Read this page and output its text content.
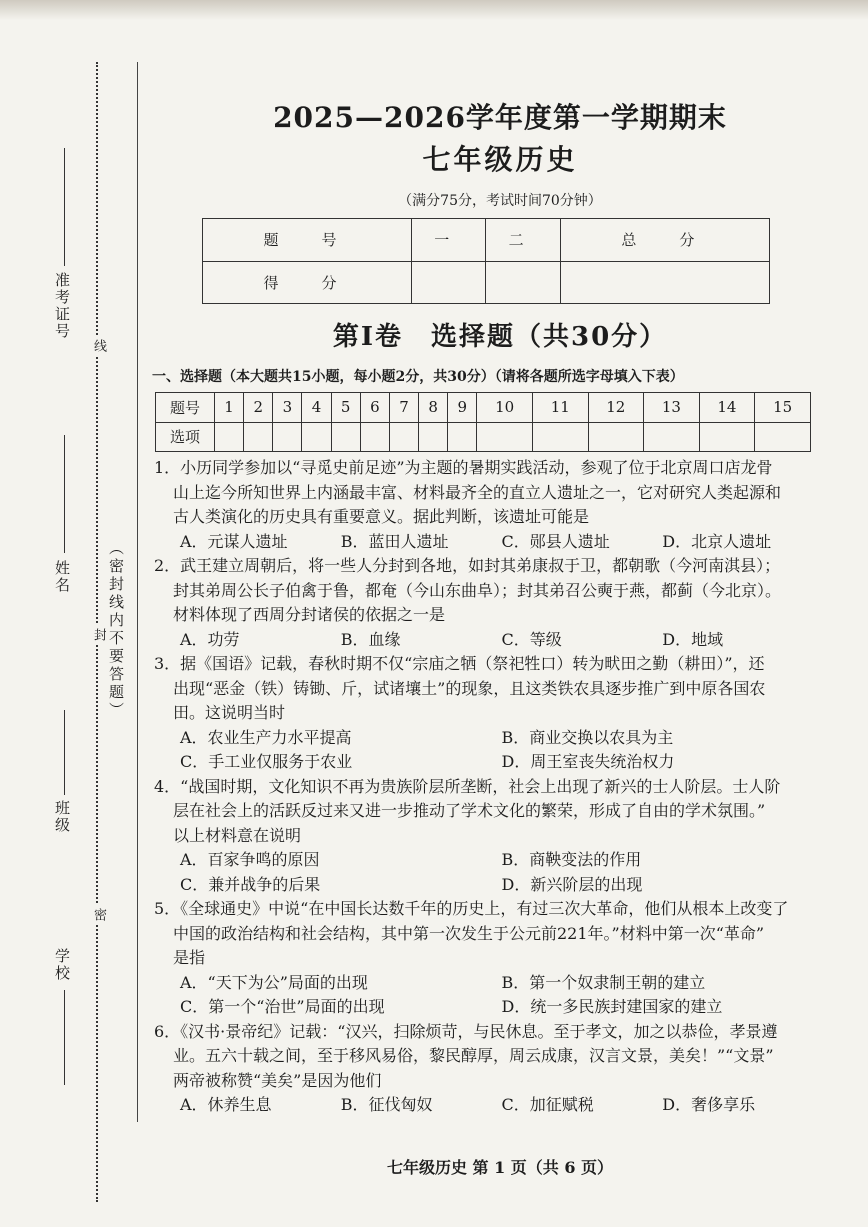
准考证号
姓名
班级
学校
线
封
密
（密封线内不要答题）
2025—2026学年度第一学期期末
七年级历史
（满分75分，考试时间70分钟）
题　号	一	二	总　分
得　分			
第Ⅰ卷　选择题（共30分）
一、选择题（本大题共15小题，每小题2分，共30分）（请将各题所选字母填入下表）
题号	1	2	3	4	5	6	7	8	9	10	11	12	13	14	15
选项															
1．小历同学参加以“寻觅史前足迹”为主题的暑期实践活动，参观了位于北京周口店龙骨
山上迄今所知世界上内涵最丰富、材料最齐全的直立人遗址之一，它对研究人类起源和
古人类演化的历史具有重要意义。据此判断，该遗址可能是
A．元谋人遗址	B．蓝田人遗址	C．郧县人遗址	D．北京人遗址
2．武王建立周朝后，将一些人分封到各地，如封其弟康叔于卫，都朝歌（今河南淇县）；
封其弟周公长子伯禽于鲁，都奄（今山东曲阜）；封其弟召公奭于燕，都蓟（今北京）。
材料体现了西周分封诸侯的依据之一是
A．功劳	B．血缘	C．等级	D．地域
3．据《国语》记载，春秋时期不仅“宗庙之牺（祭祀牲口）转为畎田之勤（耕田）”，还
出现“恶金（铁）铸锄、斤，试诸壤土”的现象，且这类铁农具逐步推广到中原各国农
田。这说明当时
A．农业生产力水平提高	B．商业交换以农具为主
C．手工业仅服务于农业	D．周王室丧失统治权力
4．“战国时期，文化知识不再为贵族阶层所垄断，社会上出现了新兴的士人阶层。士人阶
层在社会上的活跃反过来又进一步推动了学术文化的繁荣，形成了自由的学术氛围。”
以上材料意在说明
A．百家争鸣的原因	B．商鞅变法的作用
C．兼并战争的后果	D．新兴阶层的出现
5．《全球通史》中说“在中国长达数千年的历史上，有过三次大革命，他们从根本上改变了
中国的政治结构和社会结构，其中第一次发生于公元前221年。”材料中第一次“革命”
是指
A．“天下为公”局面的出现	B．第一个奴隶制王朝的建立
C．第一个“治世”局面的出现	D．统一多民族封建国家的建立
6．《汉书·景帝纪》记载：“汉兴，扫除烦苛，与民休息。至于孝文，加之以恭俭，孝景遵
业。五六十载之间，至于移风易俗，黎民醇厚，周云成康，汉言文景，美矣！”“文景”
两帝被称赞“美矣”是因为他们
A．休养生息	B．征伐匈奴	C．加征赋税	D．奢侈享乐
七年级历史 第 1 页（共 6 页）
